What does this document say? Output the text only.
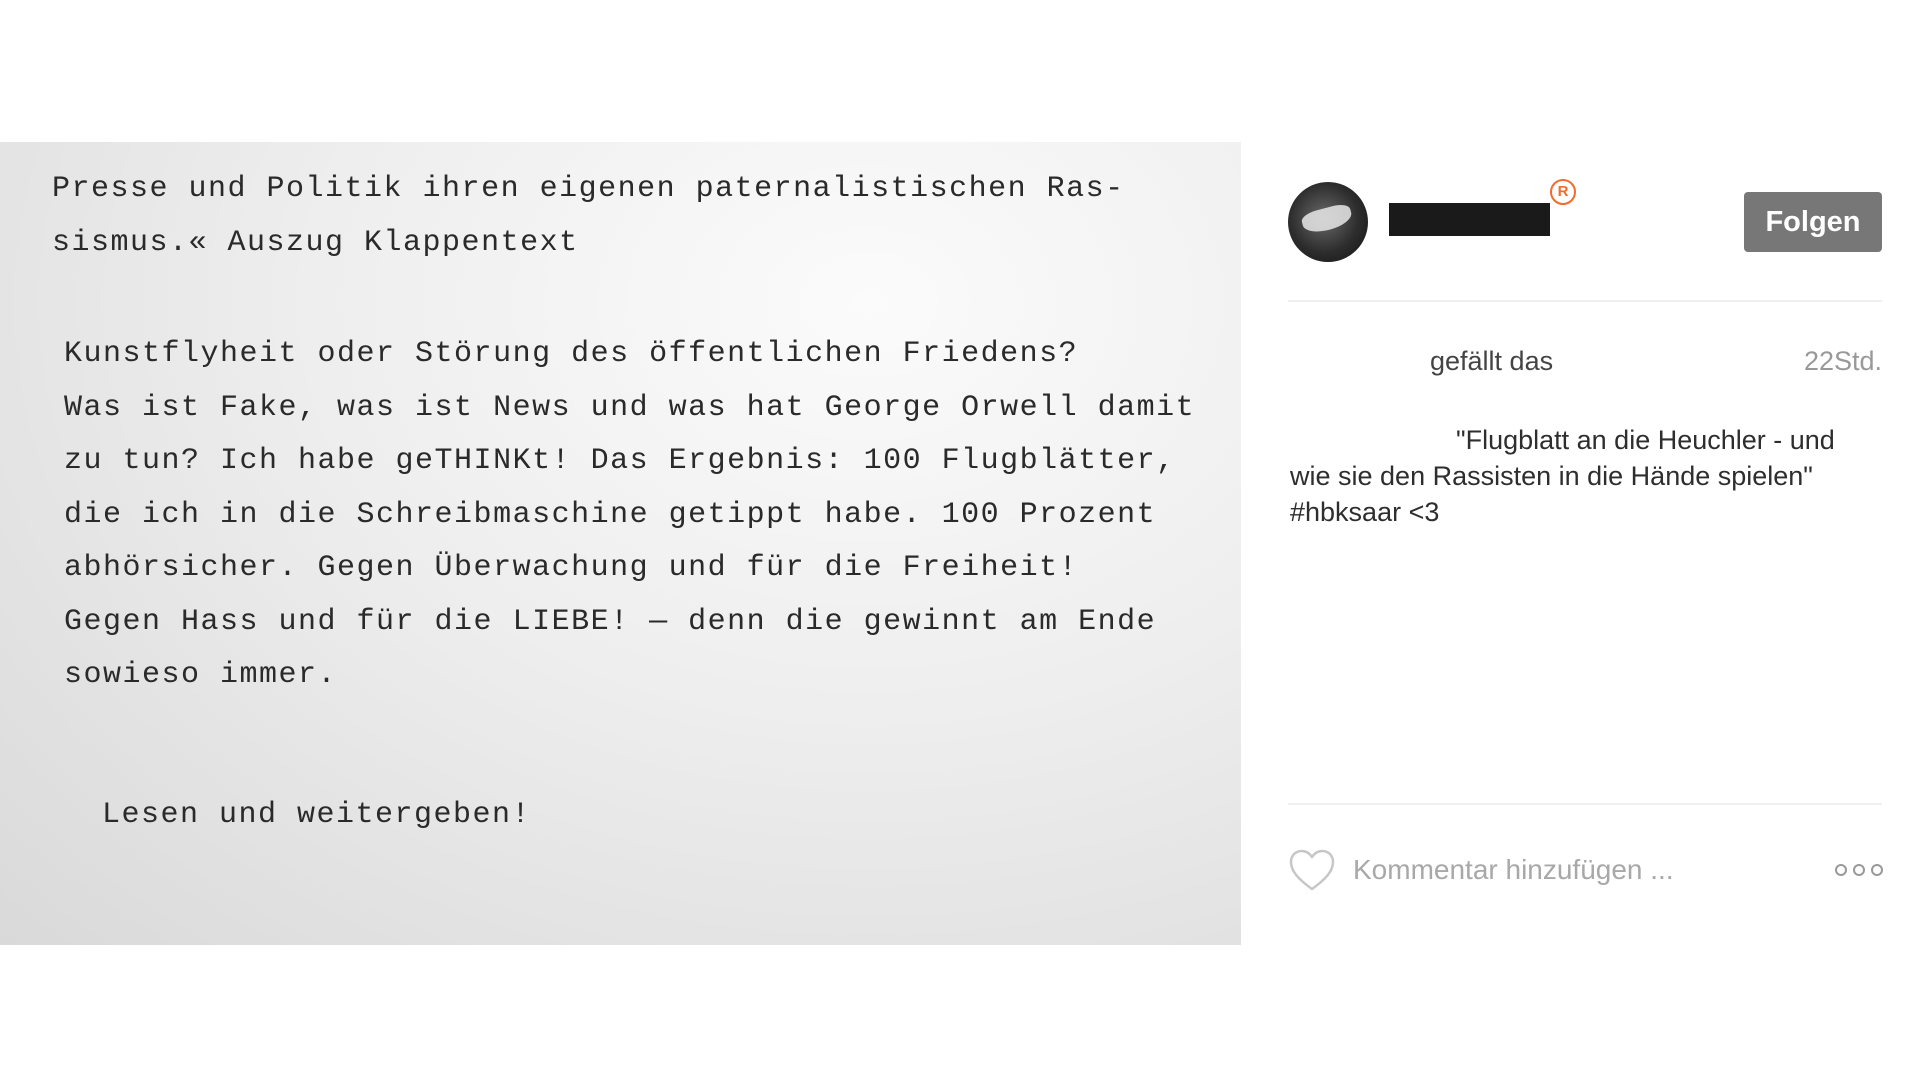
Presse und Politik ihren eigenen paternalistischen Ras-
sismus.« Auszug Klappentext
Kunstflyheit oder Störung des öffentlichen Friedens?
Was ist Fake, was ist News und was hat George Orwell damit
zu tun? Ich habe geTHINKt! Das Ergebnis: 100 Flugblätter,
die ich in die Schreibmaschine getippt habe. 100 Prozent
abhörsicher. Gegen Überwachung und für die Freiheit!
Gegen Hass und für die LIEBE! — denn die gewinnt am Ende
sowieso immer.
Lesen und weitergeben!
R
Folgen
gefällt das	22Std.
"Flugblatt an die Heuchler - und wie sie den Rassisten in die Hände spielen" #hbksaar <3
Kommentar hinzufügen ...
